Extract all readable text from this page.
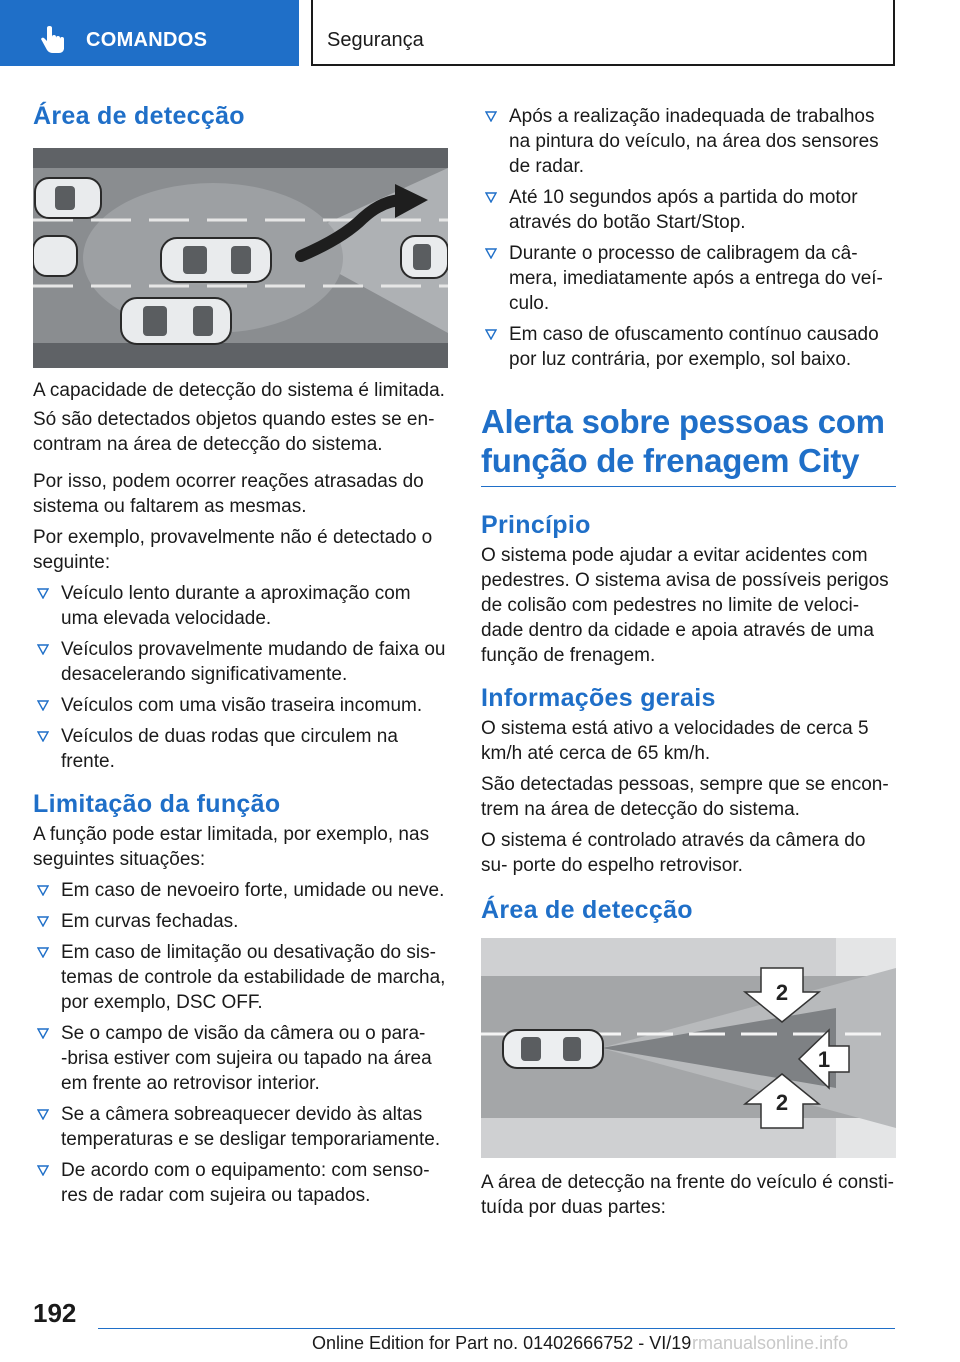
COMANDOS	Segurança
Área de detecção

A capacidade de detecção do sistema é limitada.

Só são detectados objetos quando estes se en‐ contram na área de detecção do sistema.

Por isso, podem ocorrer reações atrasadas do sistema ou faltarem as mesmas.

Por exemplo, provavelmente não é detectado o seguinte:

Veículo lento durante a aproximação com uma elevada velocidade.
Veículos provavelmente mudando de faixa ou desacelerando significativamente.
Veículos com uma visão traseira incomum.
Veículos de duas rodas que circulem na frente.
Limitação da função

A função pode estar limitada, por exemplo, nas seguintes situações:

Em caso de nevoeiro forte, umidade ou neve.
Em curvas fechadas.
Em caso de limitação ou desativação do sis‐ temas de controle da estabilidade de marcha, por exemplo, DSC OFF.
Se o campo de visão da câmera ou o para‐ ‑brisa estiver com sujeira ou tapado na área em frente ao retrovisor interior.
Se a câmera sobreaquecer devido às altas temperaturas e se desligar temporariamente.
De acordo com o equipamento: com senso‐ res de radar com sujeira ou tapados.
Após a realização inadequada de trabalhos na pintura do veículo, na área dos sensores de radar.
Até 10 segundos após a partida do motor através do botão Start/Stop.
Durante o processo de calibragem da câ‐ mera, imediatamente após a entrega do veí‐ culo.
Em caso de ofuscamento contínuo causado por luz contrária, por exemplo, sol baixo.
Alerta sobre pessoas com função de frenagem City
Princípio

O sistema pode ajudar a evitar acidentes com pedestres. O sistema avisa de possíveis perigos de colisão com pedestres no limite de veloci‐ dade dentro da cidade e apoia através de uma função de frenagem.

Informações gerais

O sistema está ativo a velocidades de cerca 5 km/h até cerca de 65 km/h.

São detectadas pessoas, sempre que se encon‐ trem na área de detecção do sistema.

O sistema é controlado através da câmera do su‐ porte do espelho retrovisor.

Área de detecção
2
1
2

A área de detecção na frente do veículo é consti‐ tuída por duas partes:

192
Online Edition for Part no. 01402666752 - VI/19 rmanualsonline.info
